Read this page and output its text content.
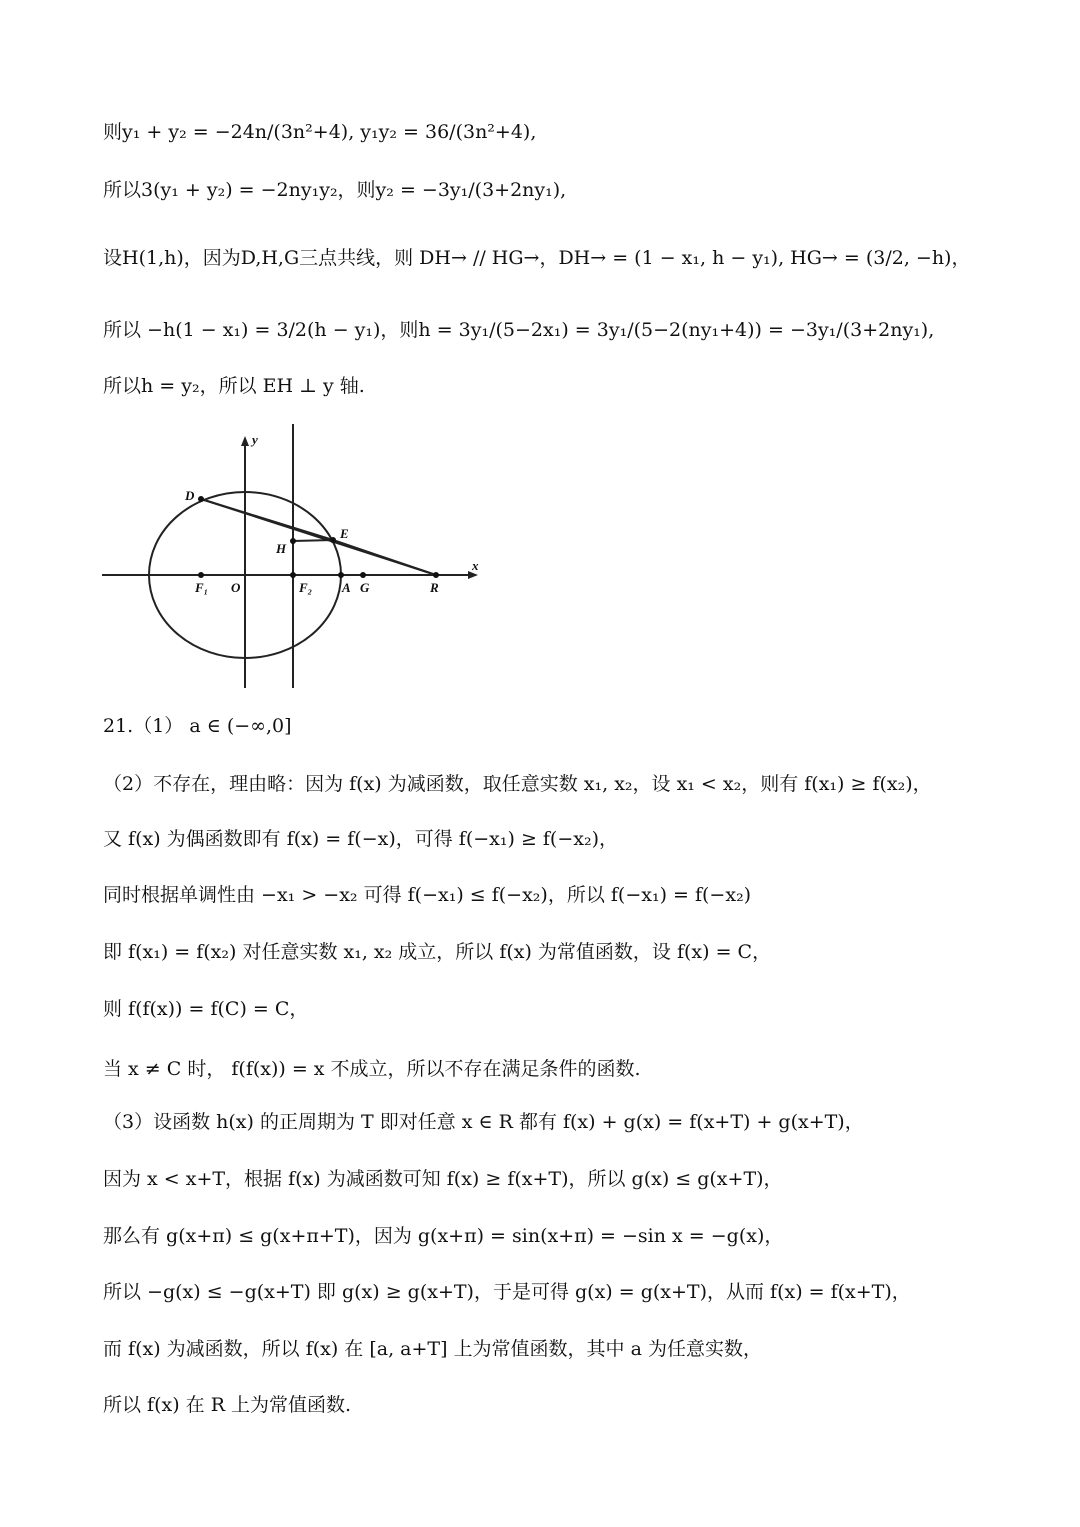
则y₁ + y₂ = −24n/(3n²+4), y₁y₂ = 36/(3n²+4),
所以3(y₁ + y₂) = −2ny₁y₂，则y₂ = −3y₁/(3+2ny₁),
设H(1,h)，因为D,H,G三点共线，则 DH→ // HG→，DH→ = (1 − x₁, h − y₁), HG→ = (3/2, −h)，
所以 −h(1 − x₁) = 3/2(h − y₁)，则h = 3y₁/(5−2x₁) = 3y₁/(5−2(ny₁+4)) = −3y₁/(3+2ny₁),
所以h = y₂，所以 EH ⊥ y 轴.
y
x
D
E
H
F₁ O	F₂ A G	R
21.（1） a ∈ (−∞,0]
（2）不存在，理由略：因为 f(x) 为减函数，取任意实数 x₁, x₂，设 x₁ < x₂，则有 f(x₁) ≥ f(x₂)，
又 f(x) 为偶函数即有 f(x) = f(−x)，可得 f(−x₁) ≥ f(−x₂)，
同时根据单调性由 −x₁ > −x₂ 可得 f(−x₁) ≤ f(−x₂)，所以 f(−x₁) = f(−x₂)
即 f(x₁) = f(x₂) 对任意实数 x₁, x₂ 成立，所以 f(x) 为常值函数，设 f(x) = C，
则 f(f(x)) = f(C) = C，
当 x ≠ C 时， f(f(x)) = x 不成立，所以不存在满足条件的函数.
（3）设函数 h(x) 的正周期为 T 即对任意 x ∈ R 都有 f(x) + g(x) = f(x+T) + g(x+T)，
因为 x < x+T，根据 f(x) 为减函数可知 f(x) ≥ f(x+T)，所以 g(x) ≤ g(x+T)，
那么有 g(x+π) ≤ g(x+π+T)，因为 g(x+π) = sin(x+π) = −sin x = −g(x)，
所以 −g(x) ≤ −g(x+T) 即 g(x) ≥ g(x+T)，于是可得 g(x) = g(x+T)，从而 f(x) = f(x+T)，
而 f(x) 为减函数，所以 f(x) 在 [a, a+T] 上为常值函数，其中 a 为任意实数，
所以 f(x) 在 R 上为常值函数.
